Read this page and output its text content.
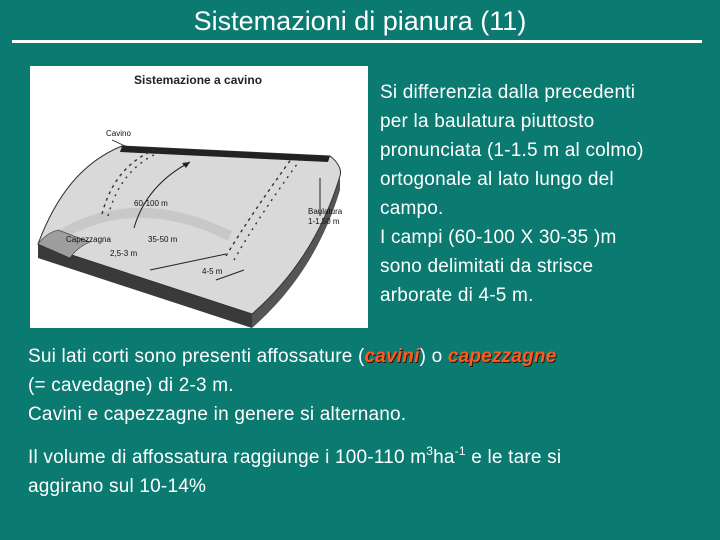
Sistemazioni di pianura (11)
Sistemazione a cavino
Cavino
60-100 m
Baulatura
1-1,50 m
Capezzagna	35-50 m
2,5-3 m
4-5 m
Si differenzia dalla precedenti
per la baulatura piuttosto
pronunciata (1-1.5 m al colmo)
ortogonale al lato lungo del
campo.
I campi (60-100 X 30-35 )m
sono delimitati da strisce
arborate di 4-5 m.
Sui lati corti sono presenti affossature (cavini) o capezzagne
(= cavedagne) di 2-3 m.
Cavini e capezzagne in genere si alternano.
Il volume di affossatura raggiunge i 100-110 $m^3ha^{-1}$ e le tare si
aggirano sul 10-14%
